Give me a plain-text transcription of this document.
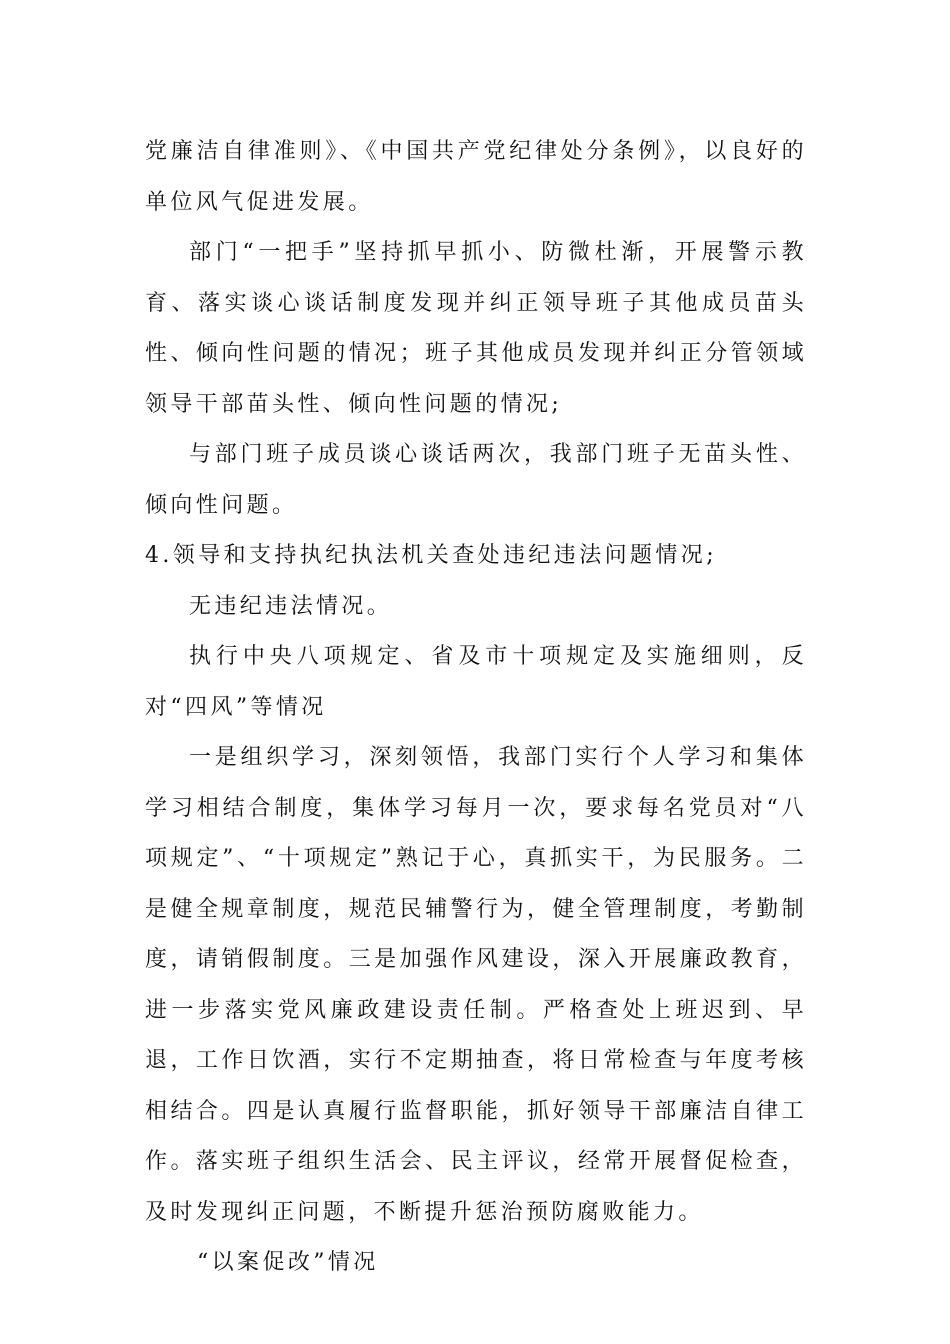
党廉洁自律准则》、《中国共产党纪律处分条例》，以良好的单位风气促进发展。

部门“一把手”坚持抓早抓小、防微杜渐，开展警示教育、落实谈心谈话制度发现并纠正领导班子其他成员苗头性、倾向性问题的情况；班子其他成员发现并纠正分管领域领导干部苗头性、倾向性问题的情况;

与部门班子成员谈心谈话两次，我部门班子无苗头性、倾向性问题。

4.领导和支持执纪执法机关查处违纪违法问题情况;

无违纪违法情况。

执行中央八项规定、省及市十项规定及实施细则，反对“四风”等情况

一是组织学习，深刻领悟，我部门实行个人学习和集体学习相结合制度，集体学习每月一次，要求每名党员对“八项规定”、“十项规定”熟记于心，真抓实干，为民服务。二是健全规章制度，规范民辅警行为，健全管理制度，考勤制度，请销假制度。三是加强作风建设，深入开展廉政教育，进一步落实党风廉政建设责任制。严格查处上班迟到、早退，工作日饮酒，实行不定期抽查，将日常检查与年度考核相结合。四是认真履行监督职能，抓好领导干部廉洁自律工作。落实班子组织生活会、民主评议，经常开展督促检查，及时发现纠正问题，不断提升惩治预防腐败能力。

“以案促改”情况
